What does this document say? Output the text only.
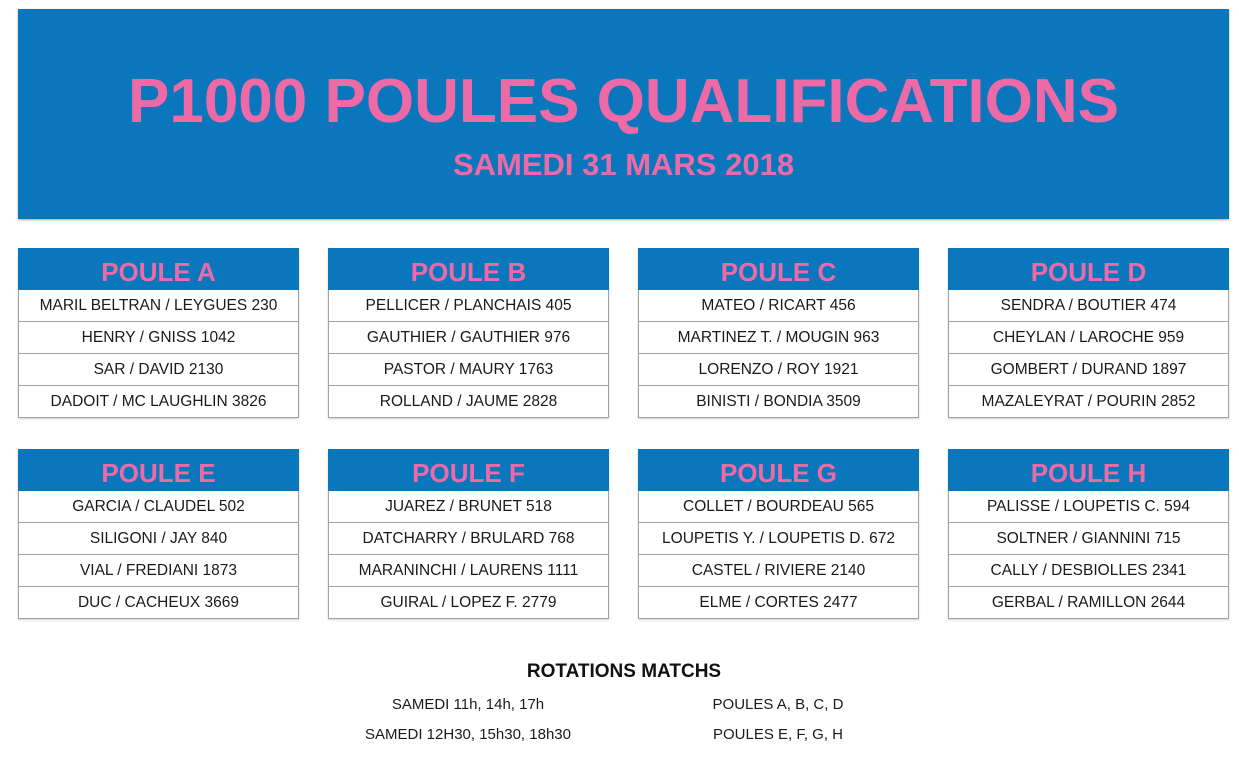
P1000 POULES QUALIFICATIONS
SAMEDI 31 MARS 2018
POULE A
MARIL BELTRAN / LEYGUES 230
HENRY / GNISS 1042
SAR / DAVID 2130
DADOIT / MC LAUGHLIN 3826
POULE B
PELLICER / PLANCHAIS 405
GAUTHIER / GAUTHIER 976
PASTOR / MAURY 1763
ROLLAND / JAUME 2828
POULE C
MATEO / RICART 456
MARTINEZ T. / MOUGIN 963
LORENZO / ROY 1921
BINISTI / BONDIA 3509
POULE D
SENDRA / BOUTIER 474
CHEYLAN / LAROCHE 959
GOMBERT / DURAND 1897
MAZALEYRAT / POURIN 2852
POULE E
GARCIA / CLAUDEL 502
SILIGONI / JAY 840
VIAL / FREDIANI 1873
DUC / CACHEUX 3669
POULE F
JUAREZ / BRUNET 518
DATCHARRY / BRULARD 768
MARANINCHI / LAURENS 1111
GUIRAL / LOPEZ F. 2779
POULE G
COLLET / BOURDEAU 565
LOUPETIS Y. / LOUPETIS D. 672
CASTEL / RIVIERE 2140
ELME / CORTES 2477
POULE H
PALISSE / LOUPETIS C. 594
SOLTNER / GIANNINI 715
CALLY / DESBIOLLES 2341
GERBAL / RAMILLON 2644
ROTATIONS MATCHS
SAMEDI 11h, 14h, 17h	POULES A, B, C, D
SAMEDI 12H30, 15h30, 18h30	POULES E, F, G, H
